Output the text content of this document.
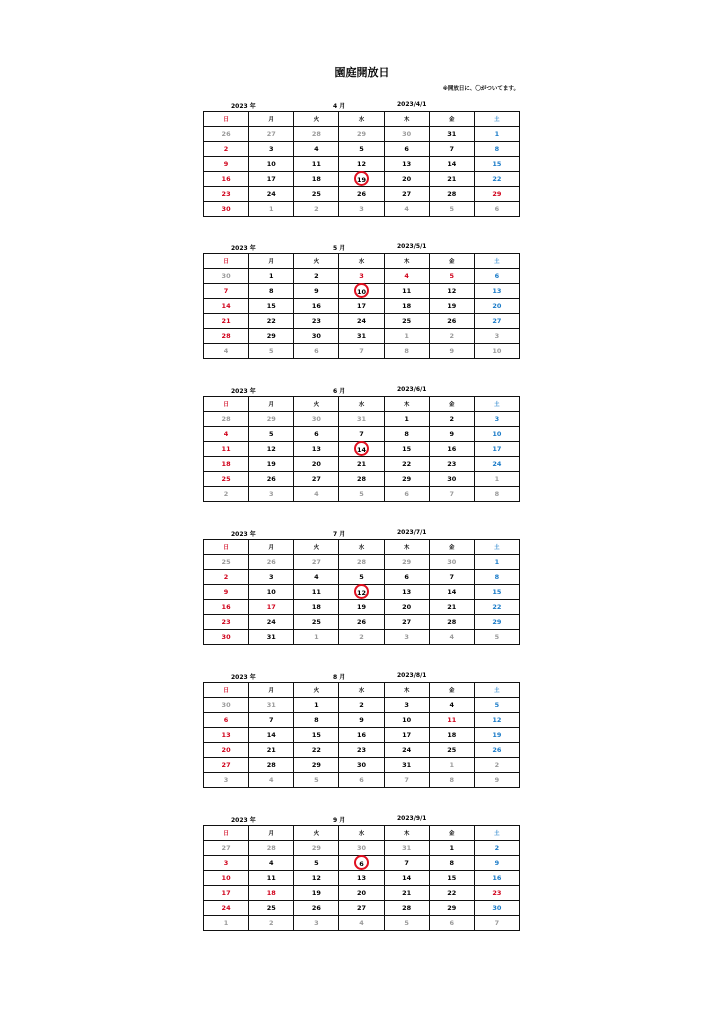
園庭開放日
※開放日に、〇がついてます。
2023 年	4 月	2023/4/1
日	月	火	水	木	金	土
26	27	28	29	30	31	1
2	3	4	5	6	7	8
9	10	11	12	13	14	15
16	17	18	19	20	21	22
23	24	25	26	27	28	29
30	1	2	3	4	5	6
2023 年	5 月	2023/5/1
日	月	火	水	木	金	土
30	1	2	3	4	5	6
7	8	9	10	11	12	13
14	15	16	17	18	19	20
21	22	23	24	25	26	27
28	29	30	31	1	2	3
4	5	6	7	8	9	10
2023 年	6 月	2023/6/1
日	月	火	水	木	金	土
28	29	30	31	1	2	3
4	5	6	7	8	9	10
11	12	13	14	15	16	17
18	19	20	21	22	23	24
25	26	27	28	29	30	1
2	3	4	5	6	7	8
2023 年	7 月	2023/7/1
日	月	火	水	木	金	土
25	26	27	28	29	30	1
2	3	4	5	6	7	8
9	10	11	12	13	14	15
16	17	18	19	20	21	22
23	24	25	26	27	28	29
30	31	1	2	3	4	5
2023 年	8 月	2023/8/1
日	月	火	水	木	金	土
30	31	1	2	3	4	5
6	7	8	9	10	11	12
13	14	15	16	17	18	19
20	21	22	23	24	25	26
27	28	29	30	31	1	2
3	4	5	6	7	8	9
2023 年	9 月	2023/9/1
日	月	火	水	木	金	土
27	28	29	30	31	1	2
3	4	5	6	7	8	9
10	11	12	13	14	15	16
17	18	19	20	21	22	23
24	25	26	27	28	29	30
1	2	3	4	5	6	7
